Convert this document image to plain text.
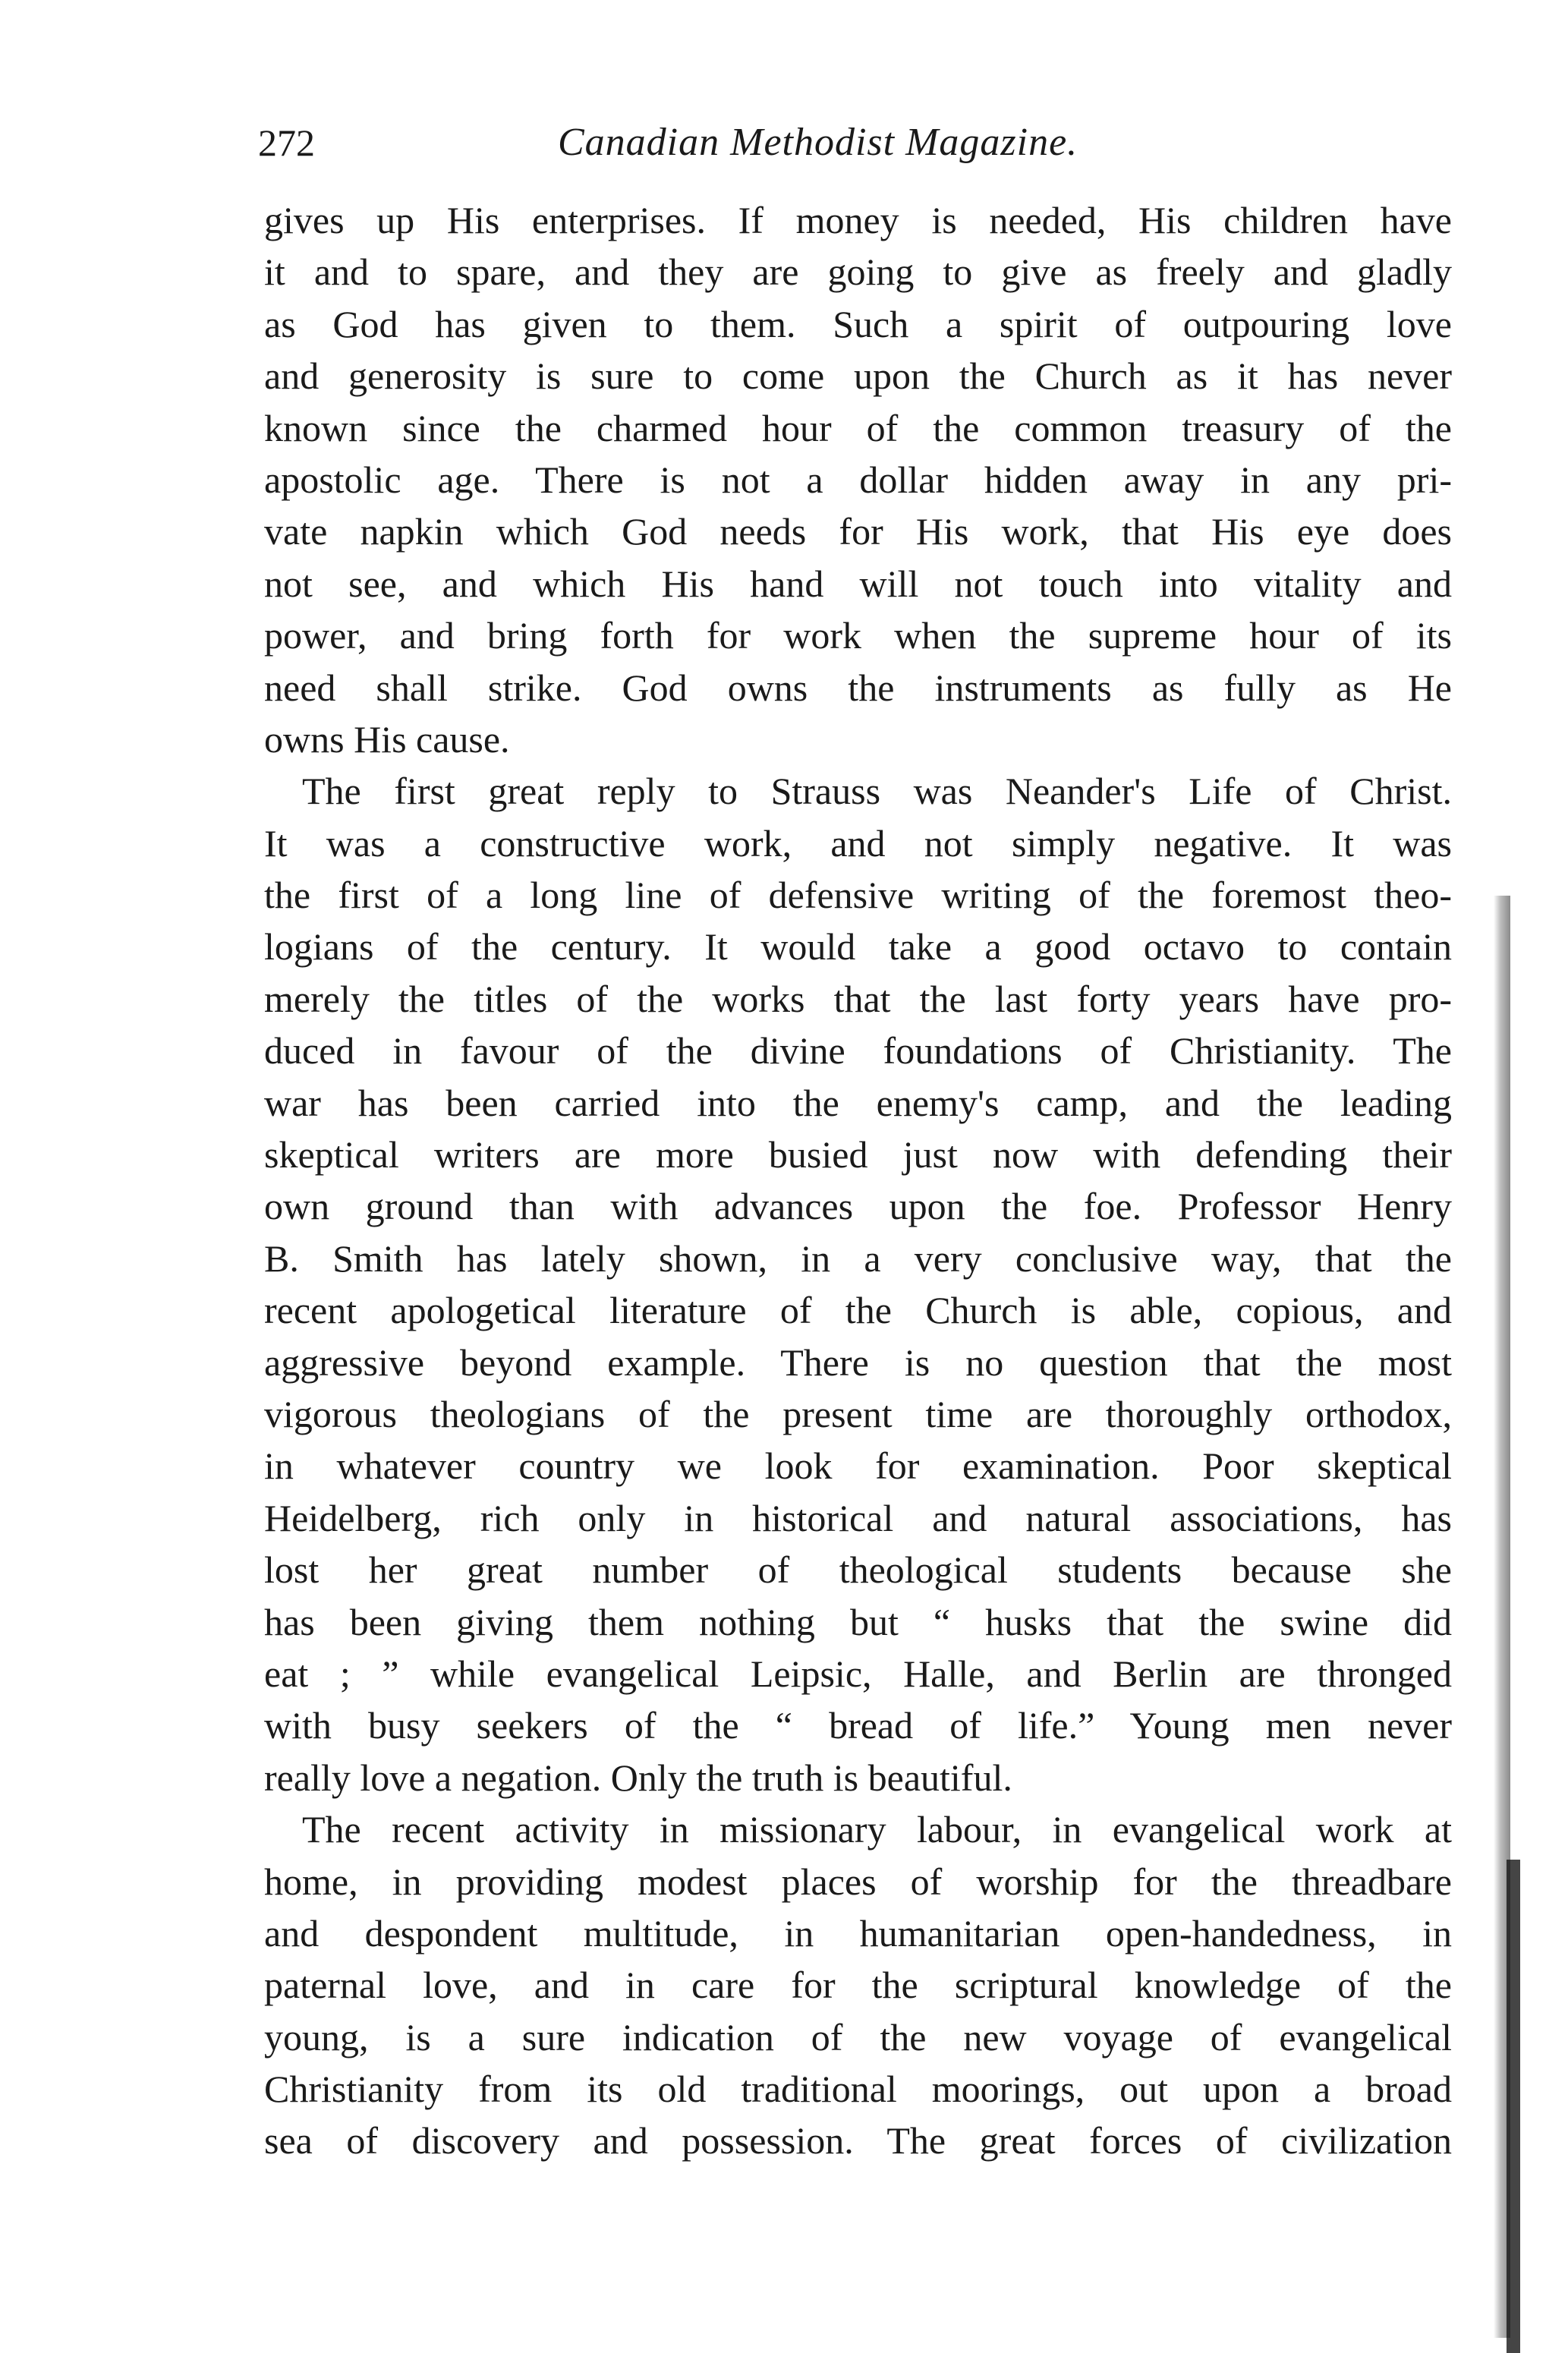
272	Canadian Methodist Magazine.
gives up His enterprises. If money is needed, His children have
it and to spare, and they are going to give as freely and gladly
as God has given to them. Such a spirit of outpouring love
and generosity is sure to come upon the Church as it has never
known since the charmed hour of the common treasury of the
apostolic age. There is not a dollar hidden away in any pri-
vate napkin which God needs for His work, that His eye does
not see, and which His hand will not touch into vitality and
power, and bring forth for work when the supreme hour of its
need shall strike. God owns the instruments as fully as He
owns His cause.
The first great reply to Strauss was Neander's Life of Christ.
It was a constructive work, and not simply negative. It was
the first of a long line of defensive writing of the foremost theo-
logians of the century. It would take a good octavo to contain
merely the titles of the works that the last forty years have pro-
duced in favour of the divine foundations of Christianity. The
war has been carried into the enemy's camp, and the leading
skeptical writers are more busied just now with defending their
own ground than with advances upon the foe. Professor Henry
B. Smith has lately shown, in a very conclusive way, that the
recent apologetical literature of the Church is able, copious, and
aggressive beyond example. There is no question that the most
vigorous theologians of the present time are thoroughly orthodox,
in whatever country we look for examination. Poor skeptical
Heidelberg, rich only in historical and natural associations, has
lost her great number of theological students because she
has been giving them nothing but “ husks that the swine did
eat ; ” while evangelical Leipsic, Halle, and Berlin are thronged
with busy seekers of the “ bread of life.” Young men never
really love a negation. Only the truth is beautiful.
The recent activity in missionary labour, in evangelical work at
home, in providing modest places of worship for the threadbare
and despondent multitude, in humanitarian open-handedness, in
paternal love, and in care for the scriptural knowledge of the
young, is a sure indication of the new voyage of evangelical
Christianity from its old traditional moorings, out upon a broad
sea of discovery and possession. The great forces of civilization
